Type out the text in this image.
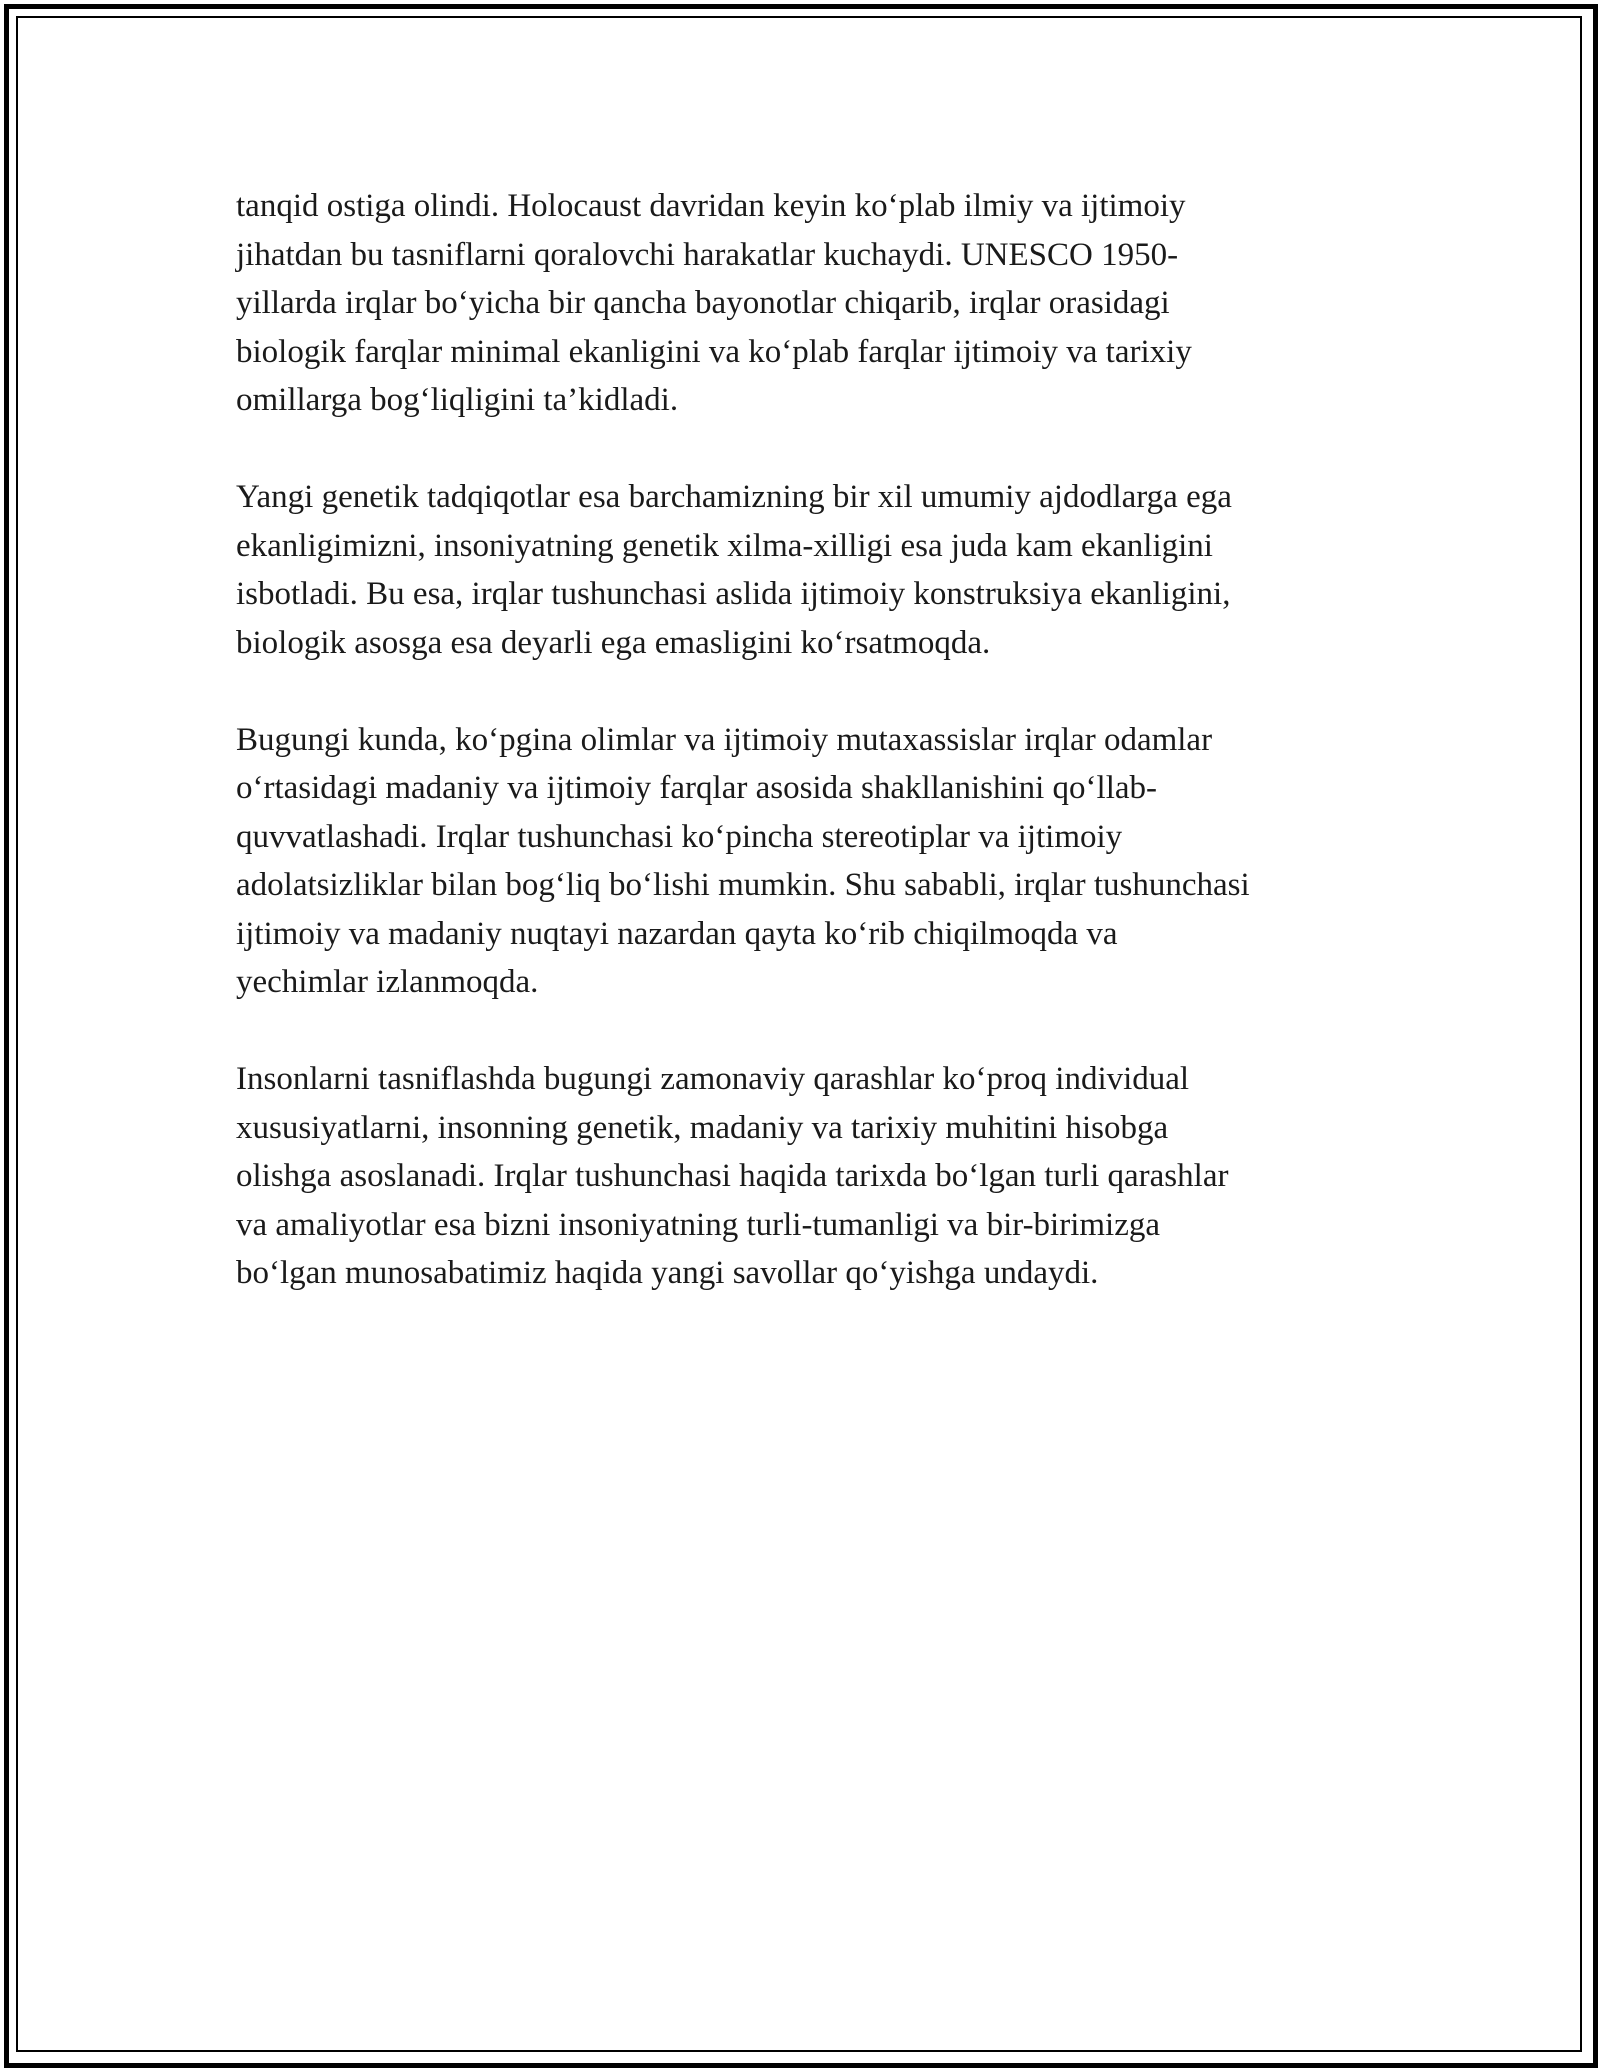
tanqid ostiga olindi. Holocaust davridan keyin ko‘plab ilmiy va ijtimoiy
jihatdan bu tasniflarni qoralovchi harakatlar kuchaydi. UNESCO 1950-
yillarda irqlar bo‘yicha bir qancha bayonotlar chiqarib, irqlar orasidagi
biologik farqlar minimal ekanligini va ko‘plab farqlar ijtimoiy va tarixiy
omillarga bog‘liqligini ta’kidladi.

Yangi genetik tadqiqotlar esa barchamizning bir xil umumiy ajdodlarga ega
ekanligimizni, insoniyatning genetik xilma-xilligi esa juda kam ekanligini
isbotladi. Bu esa, irqlar tushunchasi aslida ijtimoiy konstruksiya ekanligini,
biologik asosga esa deyarli ega emasligini ko‘rsatmoqda.

Bugungi kunda, ko‘pgina olimlar va ijtimoiy mutaxassislar irqlar odamlar
o‘rtasidagi madaniy va ijtimoiy farqlar asosida shakllanishini qo‘llab-
quvvatlashadi. Irqlar tushunchasi ko‘pincha stereotiplar va ijtimoiy
adolatsizliklar bilan bog‘liq bo‘lishi mumkin. Shu sababli, irqlar tushunchasi
ijtimoiy va madaniy nuqtayi nazardan qayta ko‘rib chiqilmoqda va
yechimlar izlanmoqda.

Insonlarni tasniflashda bugungi zamonaviy qarashlar ko‘proq individual
xususiyatlarni, insonning genetik, madaniy va tarixiy muhitini hisobga
olishga asoslanadi. Irqlar tushunchasi haqida tarixda bo‘lgan turli qarashlar
va amaliyotlar esa bizni insoniyatning turli-tumanligi va bir-birimizga
bo‘lgan munosabatimiz haqida yangi savollar qo‘yishga undaydi.
